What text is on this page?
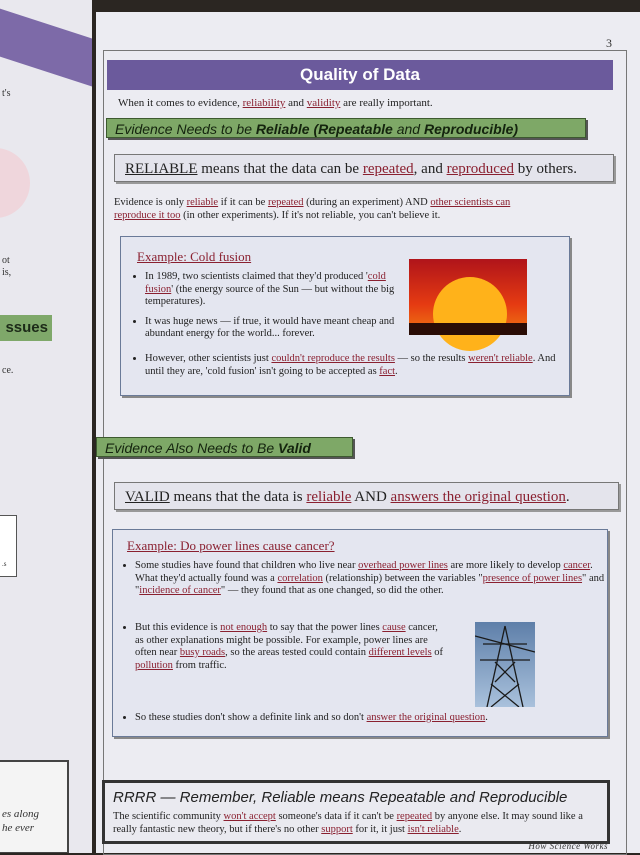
t's
ot
is,
ssues
ce.
.s
es along
he ever
3
Quality of Data
When it comes to evidence, reliability and validity are really important.
Evidence Needs to be Reliable (Repeatable and Reproducible)
RELIABLE means that the data can be repeated, and reproduced by others.
Evidence is only reliable if it can be repeated (during an experiment) AND other scientists can reproduce it too (in other experiments). If it's not reliable, you can't believe it.
Example: Cold fusion
• In 1989, two scientists claimed that they'd produced 'cold fusion' (the energy source of the Sun — but without the big temperatures).
• It was huge news — if true, it would have meant cheap and abundant energy for the world... forever.
• However, other scientists just couldn't reproduce the results — so the results weren't reliable. And until they are, 'cold fusion' isn't going to be accepted as fact.
Evidence Also Needs to Be Valid
VALID means that the data is reliable AND answers the original question.
Example: Do power lines cause cancer?
• Some studies have found that children who live near overhead power lines are more likely to develop cancer. What they'd actually found was a correlation (relationship) between the variables "presence of power lines" and "incidence of cancer" — they found that as one changed, so did the other.
• But this evidence is not enough to say that the power lines cause cancer, as other explanations might be possible. For example, power lines are often near busy roads, so the areas tested could contain different levels of pollution from traffic.
• So these studies don't show a definite link and so don't answer the original question.
RRRR — Remember, Reliable means Repeatable and Reproducible
The scientific community won't accept someone's data if it can't be repeated by anyone else. It may sound like a really fantastic new theory, but if there's no other support for it, it just isn't reliable.
How Science Works
